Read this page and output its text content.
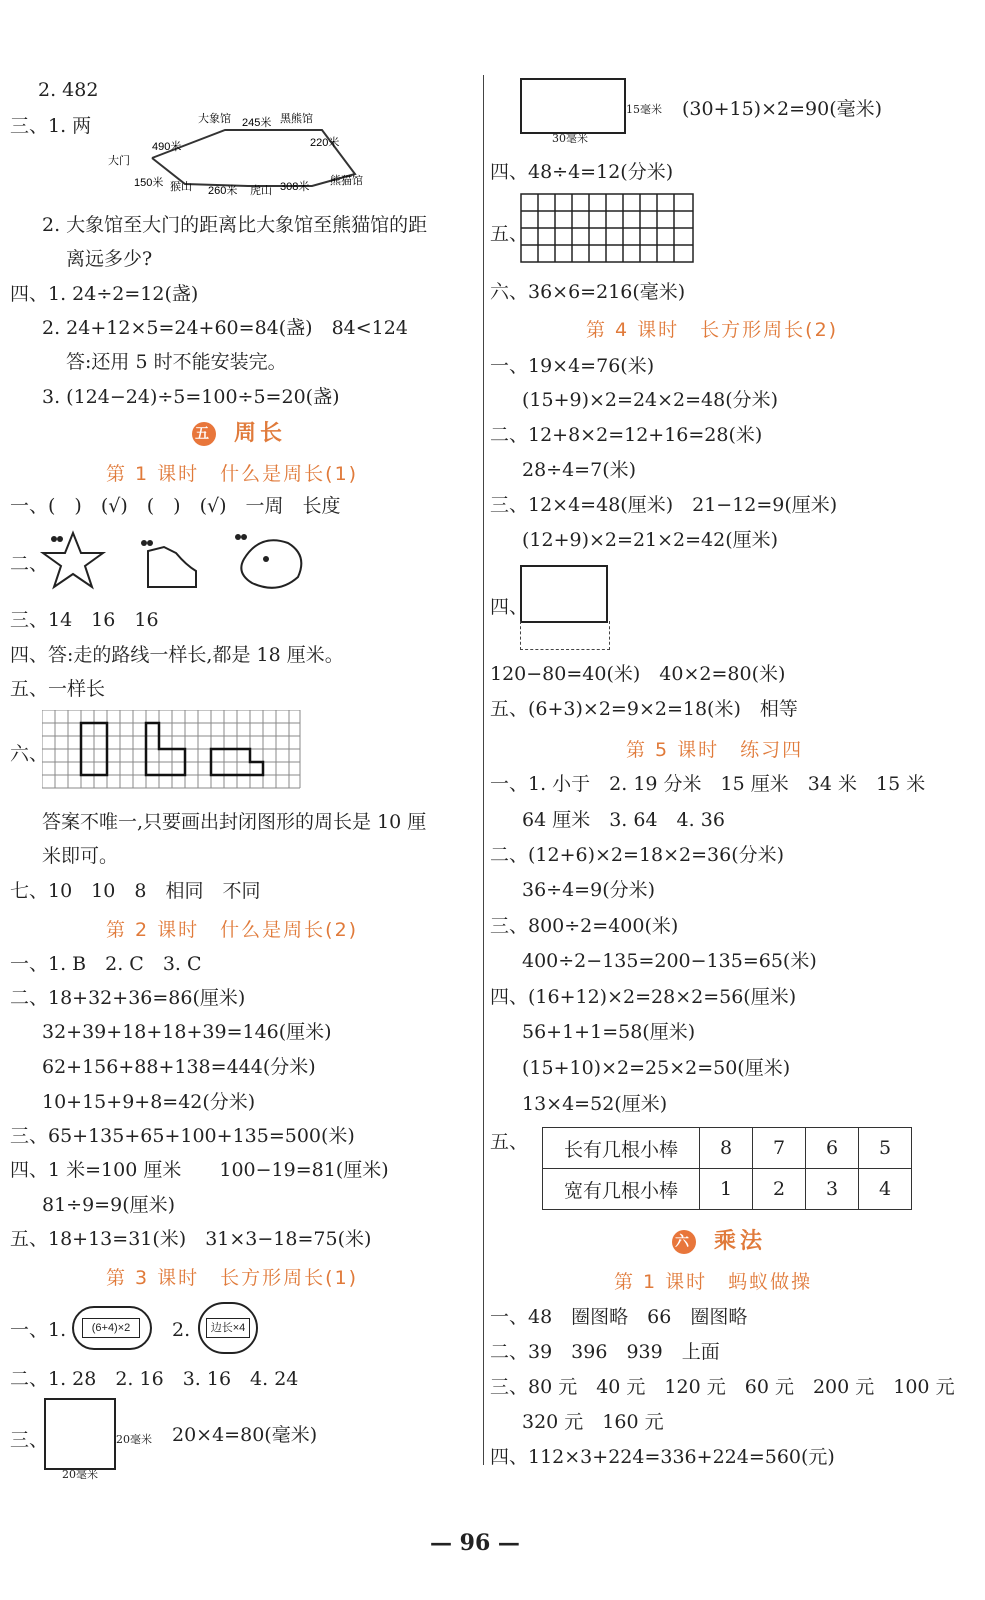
2. 482
三、1. 两	大象馆 245米 黑熊馆
490米	220米
大门
150米 猴山 260米 虎山 308米 熊猫馆
2. 大象馆至大门的距离比大象馆至熊猫馆的距
离远多少?
四、1. 24÷2=12(盏)
2. 24+12×5=24+60=84(盏)　84<124
答:还用 5 时不能安装完。
3. (124−24)÷5=100÷5=20(盏)
五 周长
第 1 课时　什么是周长(1)
一、(　)　(√)　(　)　(√)　一周　长度
二、
三、14　16　16
四、答:走的路线一样长,都是 18 厘米。
五、一样长
六、
答案不唯一,只要画出封闭图形的周长是 10 厘
米即可。
七、10　10　8　相同　不同
第 2 课时　什么是周长(2)
一、1. B　2. C　3. C
二、18+32+36=86(厘米)
32+39+18+18+39=146(厘米)
62+156+88+138=444(分米)
10+15+9+8=42(分米)
三、65+135+65+100+135=500(米)
四、1 米=100 厘米　　100−19=81(厘米)
81÷9=9(厘米)
五、18+13=31(米)　31×3−18=75(米)
第 3 课时　长方形周长(1)
一、1.	(6+4)×2	2.	边长×4
二、1. 28　2. 16　3. 16　4. 24
三、	20毫米
20毫米
20×4=80(毫米)
15毫米
30毫米
(30+15)×2=90(毫米)
四、48÷4=12(分米)
五、
六、36×6=216(毫米)
第 4 课时　长方形周长(2)
一、19×4=76(米)
(15+9)×2=24×2=48(分米)
二、12+8×2=12+16=28(米)
28÷4=7(米)
三、12×4=48(厘米)　21−12=9(厘米)
(12+9)×2=21×2=42(厘米)
四、
120−80=40(米)　40×2=80(米)
五、(6+3)×2=9×2=18(米)　相等
第 5 课时　练习四
一、1. 小于　2. 19 分米　15 厘米　34 米　15 米
64 厘米　3. 64　4. 36
二、(12+6)×2=18×2=36(分米)
36÷4=9(分米)
三、800÷2=400(米)
400÷2−135=200−135=65(米)
四、(16+12)×2=28×2=56(厘米)
56+1+1=58(厘米)
(15+10)×2=25×2=50(厘米)
13×4=52(厘米)
五、 长有几根小棒	8	7	6	5
宽有几根小棒	1	2	3	4
六 乘法
第 1 课时　蚂蚁做操
一、48　圈图略　66　圈图略
二、39　396　939　上面
三、80 元　40 元　120 元　60 元　200 元　100 元
320 元　160 元
四、112×3+224=336+224=560(元)
— 96 —
